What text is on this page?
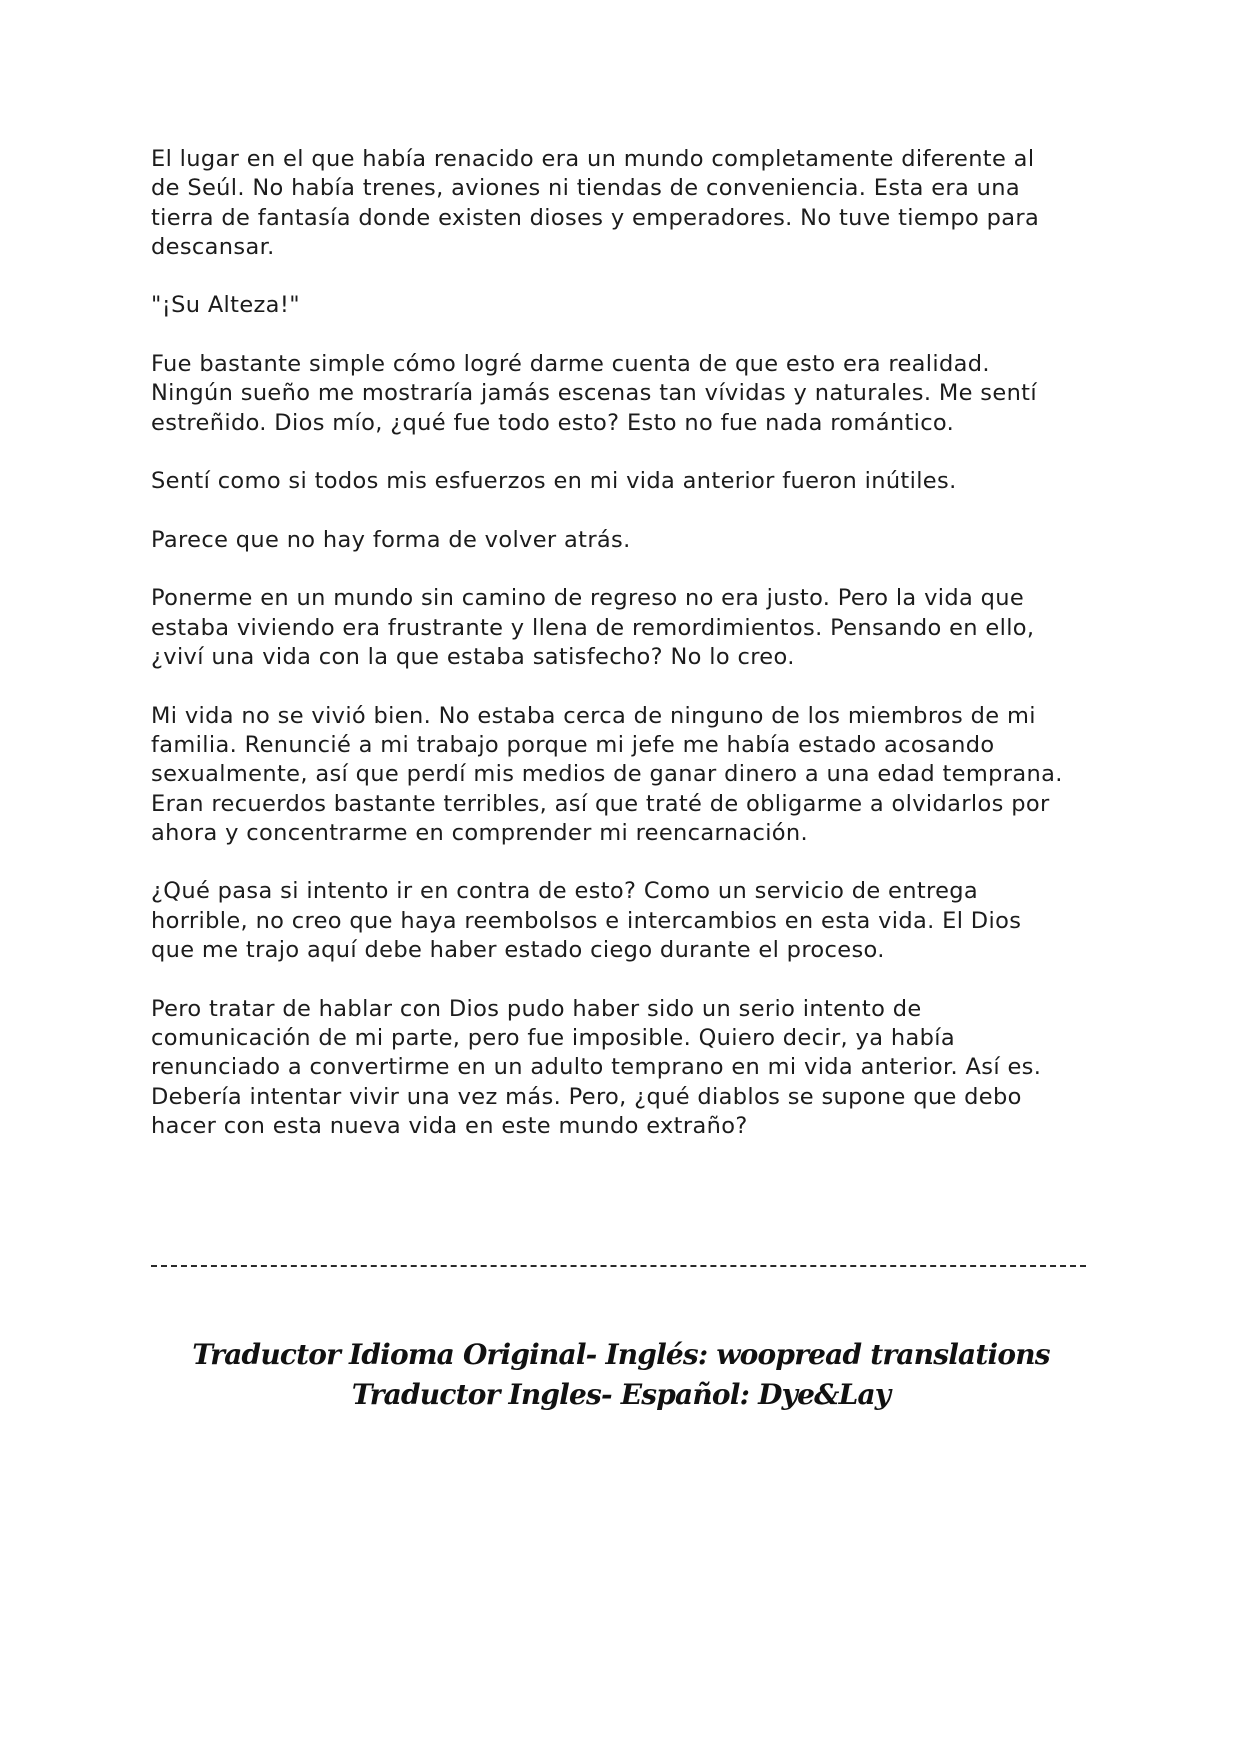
El lugar en el que había renacido era un mundo completamente diferente al
de Seúl. No había trenes, aviones ni tiendas de conveniencia. Esta era una
tierra de fantasía donde existen dioses y emperadores. No tuve tiempo para
descansar.

"¡Su Alteza!"

Fue bastante simple cómo logré darme cuenta de que esto era realidad.
Ningún sueño me mostraría jamás escenas tan vívidas y naturales. Me sentí
estreñido. Dios mío, ¿qué fue todo esto? Esto no fue nada romántico.

Sentí como si todos mis esfuerzos en mi vida anterior fueron inútiles.

Parece que no hay forma de volver atrás.

Ponerme en un mundo sin camino de regreso no era justo. Pero la vida que
estaba viviendo era frustrante y llena de remordimientos. Pensando en ello,
¿viví una vida con la que estaba satisfecho? No lo creo.

Mi vida no se vivió bien. No estaba cerca de ninguno de los miembros de mi
familia. Renuncié a mi trabajo porque mi jefe me había estado acosando
sexualmente, así que perdí mis medios de ganar dinero a una edad temprana.
Eran recuerdos bastante terribles, así que traté de obligarme a olvidarlos por
ahora y concentrarme en comprender mi reencarnación.

¿Qué pasa si intento ir en contra de esto? Como un servicio de entrega
horrible, no creo que haya reembolsos e intercambios en esta vida. El Dios
que me trajo aquí debe haber estado ciego durante el proceso.

Pero tratar de hablar con Dios pudo haber sido un serio intento de
comunicación de mi parte, pero fue imposible. Quiero decir, ya había
renunciado a convertirme en un adulto temprano en mi vida anterior. Así es.
Debería intentar vivir una vez más. Pero, ¿qué diablos se supone que debo
hacer con esta nueva vida en este mundo extraño?

Traductor Idioma Original- Inglés: woopread translations
Traductor Ingles- Español: Dye&Lay
